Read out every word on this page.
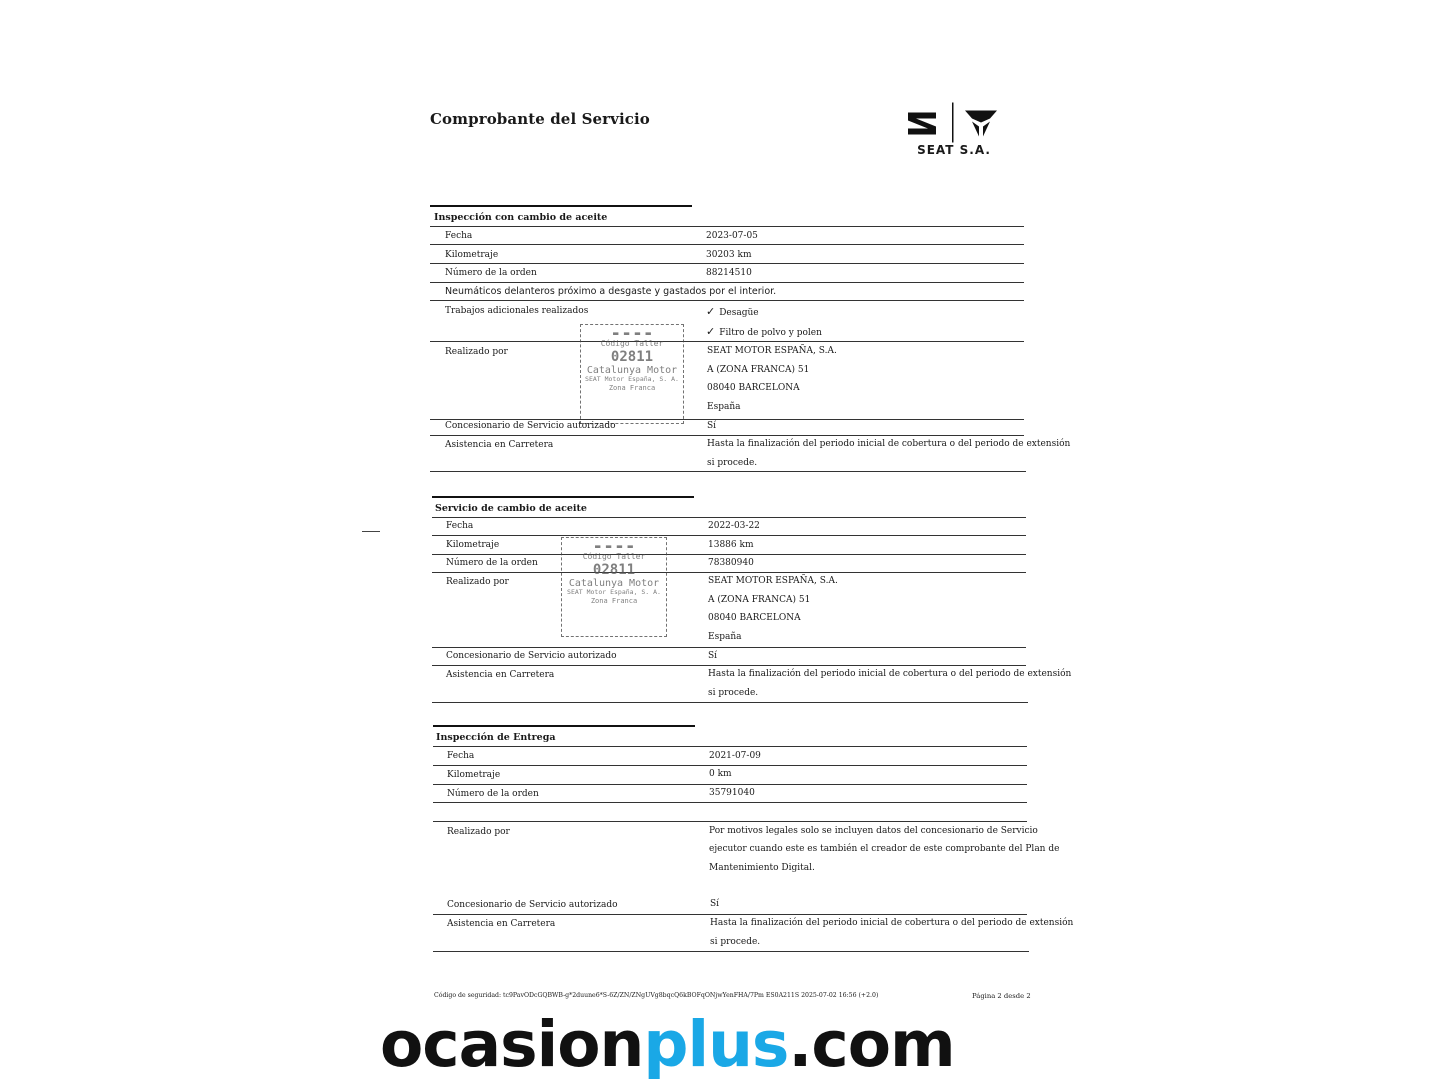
Comprobante del Servicio
SEAT S.A.
Inspección con cambio de aceite
Fecha	2023-07-05
Kilometraje	30203 km
Número de la orden	88214510
Neumáticos delanteros próximo a desgaste y gastados por el interior.
Trabajos adicionales realizados	✓ Desagüe
✓ Filtro de polvo y polen
Realizado por	SEAT MOTOR ESPAÑA, S.A.
A (ZONA FRANCA) 51
08040 BARCELONA
España
▬ ▬ ▬ ▬
Código Taller
02811
Catalunya Motor
SEAT Motor España, S. A.
Zona Franca
Concesionario de Servicio autorizado	Sí
Asistencia en Carretera	Hasta la finalización del periodo inicial de cobertura o del periodo de extensión
si procede.
Servicio de cambio de aceite
Fecha	2022-03-22
Kilometraje	13886 km
Número de la orden	78380940
Realizado por	SEAT MOTOR ESPAÑA, S.A.
A (ZONA FRANCA) 51
08040 BARCELONA
España
▬ ▬ ▬ ▬
Código Taller
02811
Catalunya Motor
SEAT Motor España, S. A.
Zona Franca
Concesionario de Servicio autorizado	Sí
Asistencia en Carretera	Hasta la finalización del periodo inicial de cobertura o del periodo de extensión
si procede.
Inspección de Entrega
Fecha	2021-07-09
Kilometraje	0 km
Número de la orden	35791040
Realizado por	Por motivos legales solo se incluyen datos del concesionario de Servicio
ejecutor cuando este es también el creador de este comprobante del Plan de
Mantenimiento Digital.
Concesionario de Servicio autorizado	Sí
Asistencia en Carretera	Hasta la finalización del periodo inicial de cobertura o del periodo de extensión
si procede.
Código de seguridad: tc9PavODcGQBWB-g*2duune6*S-6Z/ZN/ZNgUVg8bqcQ6kBOFqONjwYenFHA/7Pm ES0A211S 2025-07-02 16:56 (+2.0)	Página 2 desde 2
ocasionplus.com
